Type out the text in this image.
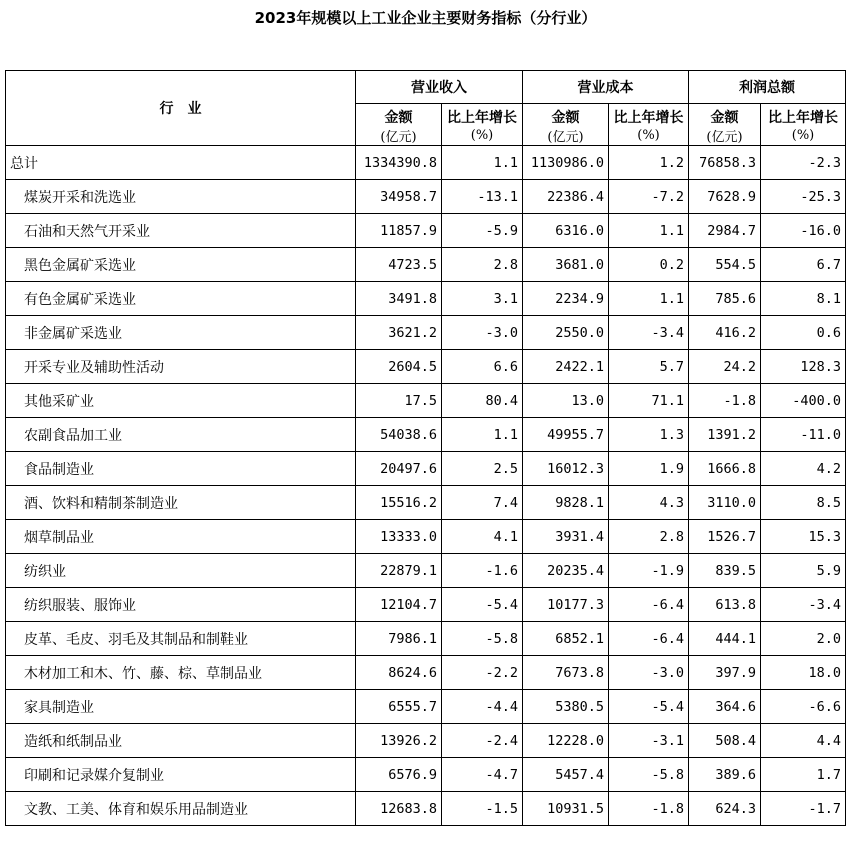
2023年规模以上工业企业主要财务指标（分行业）
行　业	营业收入		营业成本		利润总额	
	金额	比上年增长	金额	比上年增长	金额	比上年增长
	(亿元)	(%)	(亿元)	(%)	(亿元)	(%)
总计	1334390.8	1.1	1130986.0	1.2	76858.3	-2.3
煤炭开采和洗选业	34958.7	-13.1	22386.4	-7.2	7628.9	-25.3
石油和天然气开采业	11857.9	-5.9	6316.0	1.1	2984.7	-16.0
黑色金属矿采选业	4723.5	2.8	3681.0	0.2	554.5	6.7
有色金属矿采选业	3491.8	3.1	2234.9	1.1	785.6	8.1
非金属矿采选业	3621.2	-3.0	2550.0	-3.4	416.2	0.6
开采专业及辅助性活动	2604.5	6.6	2422.1	5.7	24.2	128.3
其他采矿业	17.5	80.4	13.0	71.1	-1.8	-400.0
农副食品加工业	54038.6	1.1	49955.7	1.3	1391.2	-11.0
食品制造业	20497.6	2.5	16012.3	1.9	1666.8	4.2
酒、饮料和精制茶制造业	15516.2	7.4	9828.1	4.3	3110.0	8.5
烟草制品业	13333.0	4.1	3931.4	2.8	1526.7	15.3
纺织业	22879.1	-1.6	20235.4	-1.9	839.5	5.9
纺织服装、服饰业	12104.7	-5.4	10177.3	-6.4	613.8	-3.4
皮革、毛皮、羽毛及其制品和制鞋业	7986.1	-5.8	6852.1	-6.4	444.1	2.0
木材加工和木、竹、藤、棕、草制品业	8624.6	-2.2	7673.8	-3.0	397.9	18.0
家具制造业	6555.7	-4.4	5380.5	-5.4	364.6	-6.6
造纸和纸制品业	13926.2	-2.4	12228.0	-3.1	508.4	4.4
印刷和记录媒介复制业	6576.9	-4.7	5457.4	-5.8	389.6	1.7
文教、工美、体育和娱乐用品制造业	12683.8	-1.5	10931.5	-1.8	624.3	-1.7
